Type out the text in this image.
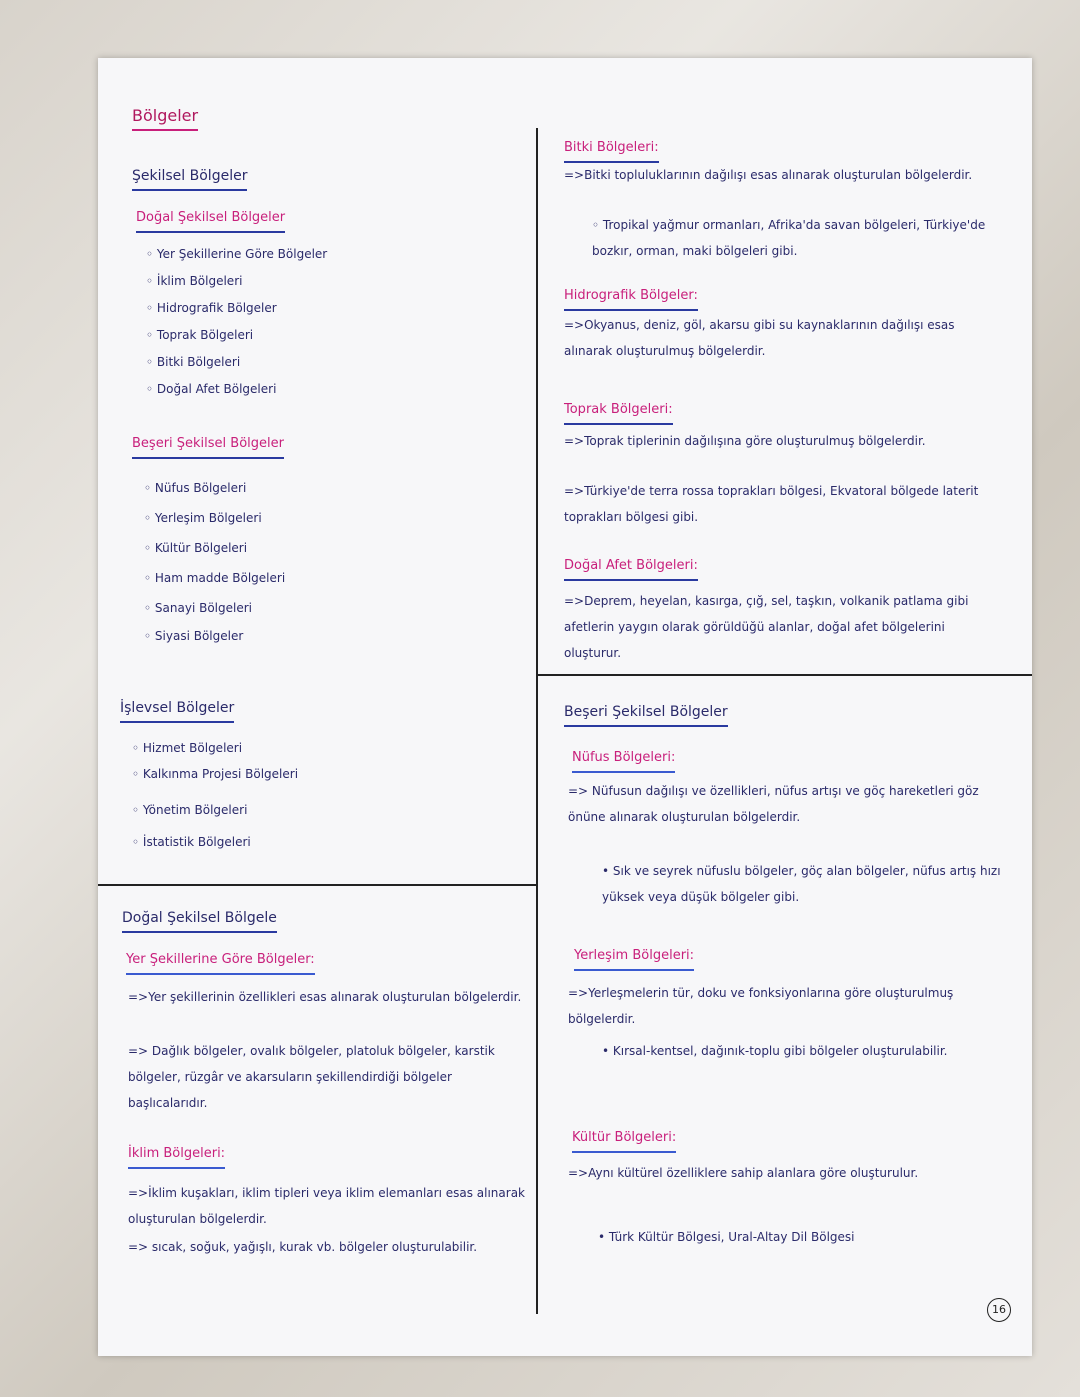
Bölgeler
Şekilsel Bölgeler
Doğal Şekilsel Bölgeler
◦ Yer Şekillerine Göre Bölgeler
◦ İklim Bölgeleri
◦ Hidrografik Bölgeler
◦ Toprak Bölgeleri
◦ Bitki Bölgeleri
◦ Doğal Afet Bölgeleri
Beşeri Şekilsel Bölgeler
◦ Nüfus Bölgeleri
◦ Yerleşim Bölgeleri
◦ Kültür Bölgeleri
◦ Ham madde Bölgeleri
◦ Sanayi Bölgeleri
◦ Siyasi Bölgeler
İşlevsel Bölgeler
◦ Hizmet Bölgeleri
◦ Kalkınma Projesi Bölgeleri
◦ Yönetim Bölgeleri
◦ İstatistik Bölgeleri
Doğal Şekilsel Bölgele
Yer Şekillerine Göre Bölgeler:
=>Yer şekillerinin özellikleri esas alınarak oluşturulan bölgelerdir.
=> Dağlık bölgeler, ovalık bölgeler, platoluk bölgeler, karstik bölgeler, rüzgâr ve akarsuların şekillendirdiği bölgeler başlıcalarıdır.
İklim Bölgeleri:
=>İklim kuşakları, iklim tipleri veya iklim elemanları esas alınarak oluşturulan bölgelerdir.
=> sıcak, soğuk, yağışlı, kurak vb. bölgeler oluşturulabilir.
Bitki Bölgeleri:
=>Bitki topluluklarının dağılışı esas alınarak oluşturulan bölgelerdir.
◦ Tropikal yağmur ormanları, Afrika'da savan bölgeleri, Türkiye'de bozkır, orman, maki bölgeleri gibi.
Hidrografik Bölgeler:
=>Okyanus, deniz, göl, akarsu gibi su kaynaklarının dağılışı esas alınarak oluşturulmuş bölgelerdir.
Toprak Bölgeleri:
=>Toprak tiplerinin dağılışına göre oluşturulmuş bölgelerdir.
=>Türkiye'de terra rossa toprakları bölgesi, Ekvatoral bölgede laterit toprakları bölgesi gibi.
Doğal Afet Bölgeleri:
=>Deprem, heyelan, kasırga, çığ, sel, taşkın, volkanik patlama gibi afetlerin yaygın olarak görüldüğü alanlar, doğal afet bölgelerini oluşturur.
Beşeri Şekilsel Bölgeler
Nüfus Bölgeleri:
=> Nüfusun dağılışı ve özellikleri, nüfus artışı ve göç hareketleri göz önüne alınarak oluşturulan bölgelerdir.
• Sık ve seyrek nüfuslu bölgeler, göç alan bölgeler, nüfus artış hızı yüksek veya düşük bölgeler gibi.
Yerleşim Bölgeleri:
=>Yerleşmelerin tür, doku ve fonksiyonlarına göre oluşturulmuş bölgelerdir.
• Kırsal-kentsel, dağınık-toplu gibi bölgeler oluşturulabilir.
Kültür Bölgeleri:
=>Aynı kültürel özelliklere sahip alanlara göre oluşturulur.
• Türk Kültür Bölgesi, Ural-Altay Dil Bölgesi
16
